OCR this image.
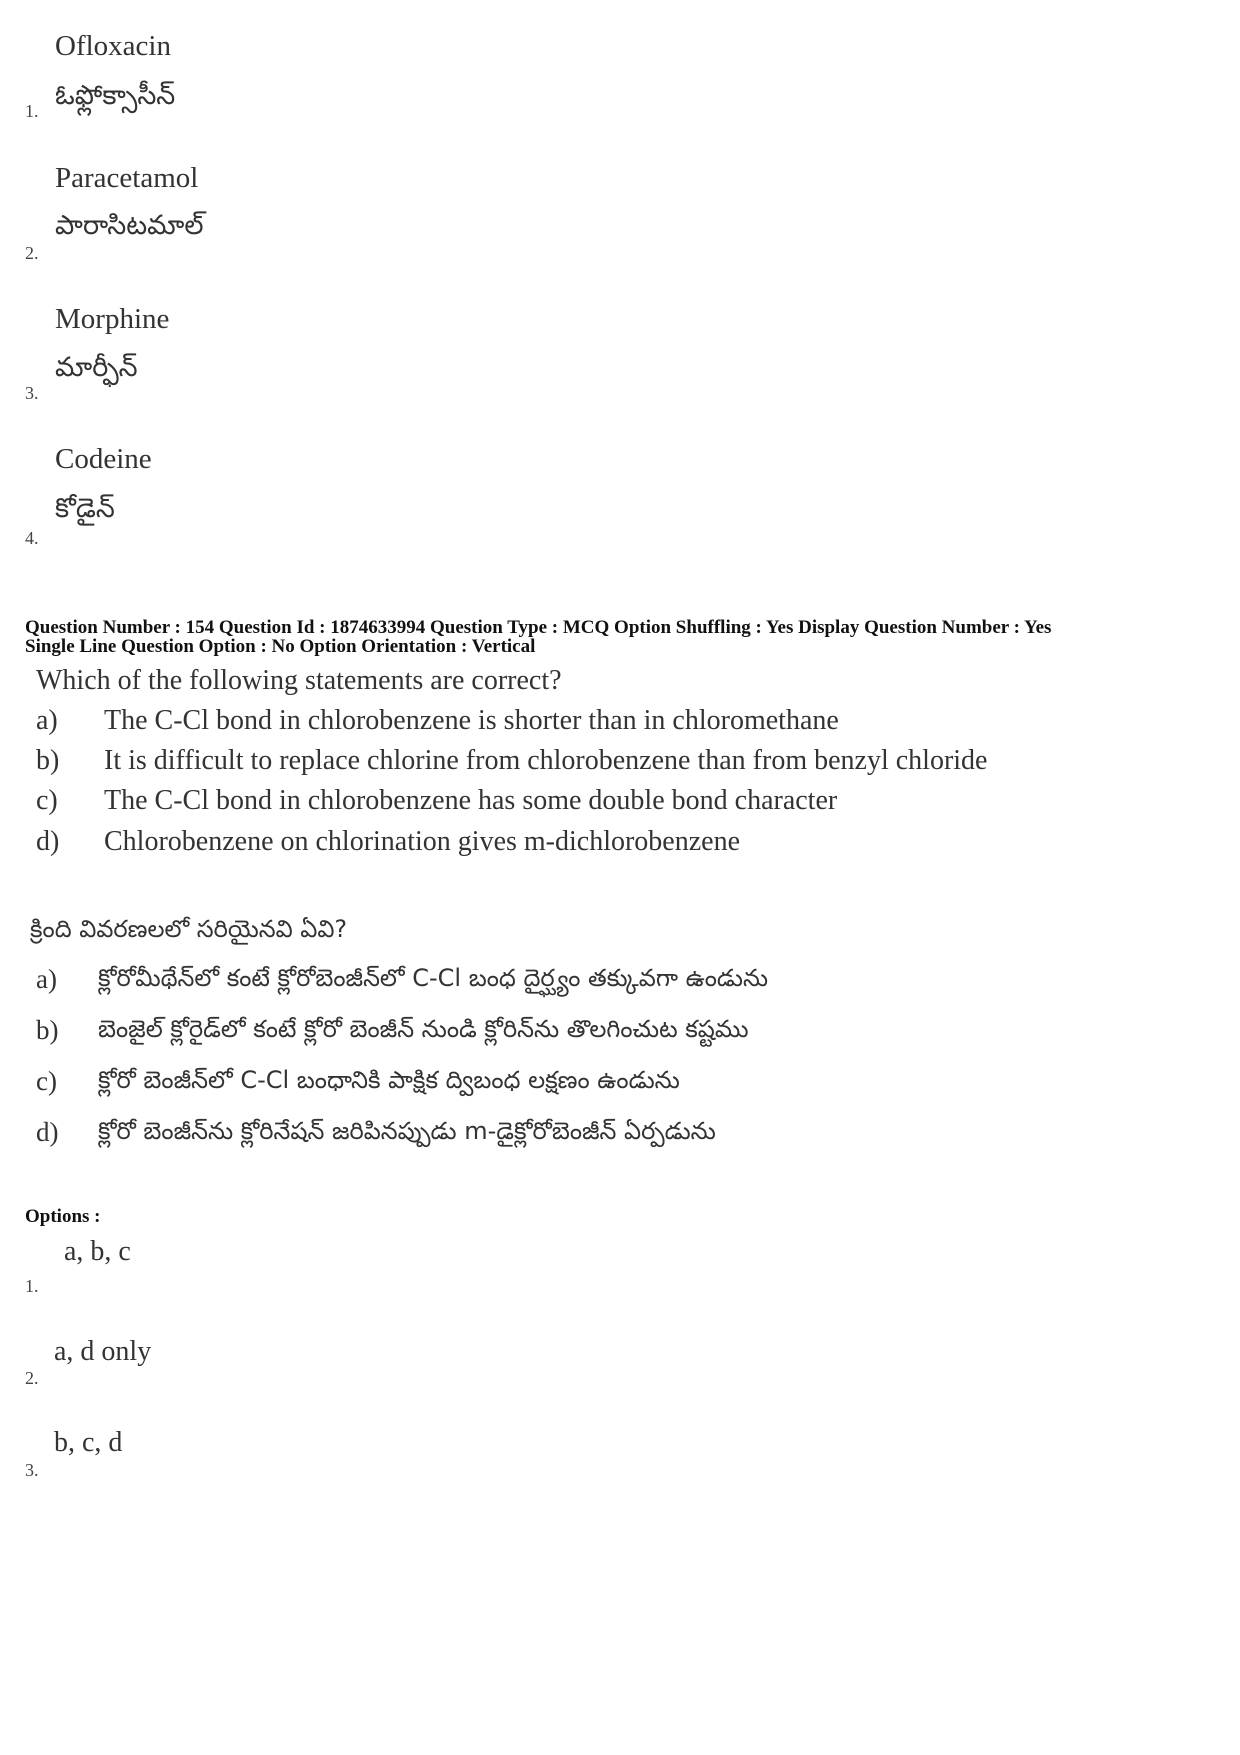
Ofloxacin
ఓఫ్లోక్సాసీన్
1.
Paracetamol
పారాసిటమాల్
2.
Morphine
మార్ఫీన్
3.
Codeine
కోడైన్
4.
Question Number : 154 Question Id : 1874633994 Question Type : MCQ Option Shuffling : Yes Display Question Number : Yes
Single Line Question Option : No Option Orientation : Vertical
Which of the following statements are correct?
a) The C-Cl bond in chlorobenzene is shorter than in chloromethane
b) It is difficult to replace chlorine from chlorobenzene than from benzyl chloride
c) The C-Cl bond in chlorobenzene has some double bond character
d) Chlorobenzene on chlorination gives m-dichlorobenzene
క్రింది వివరణలలో సరియైనవి ఏవి?
a) క్లోరోమీథేన్‌లో కంటే క్లోరోబెంజీన్‌లో C-Cl బంధ దైర్ఘ్యం తక్కువగా ఉండును
b) బెంజైల్ క్లోరైడ్‌లో కంటే క్లోరో బెంజీన్ నుండి క్లోరిన్‌ను తొలగించుట కష్టము
c) క్లోరో బెంజీన్‌లో C-Cl బంధానికి పాక్షిక ద్విబంధ లక్షణం ఉండును
d) క్లోరో బెంజీన్‌ను క్లోరినేషన్ జరిపినప్పుడు m-డైక్లోరోబెంజీన్ ఏర్పడును
Options :
a, b, c
1.
a, d only
2.
b, c, d
3.
